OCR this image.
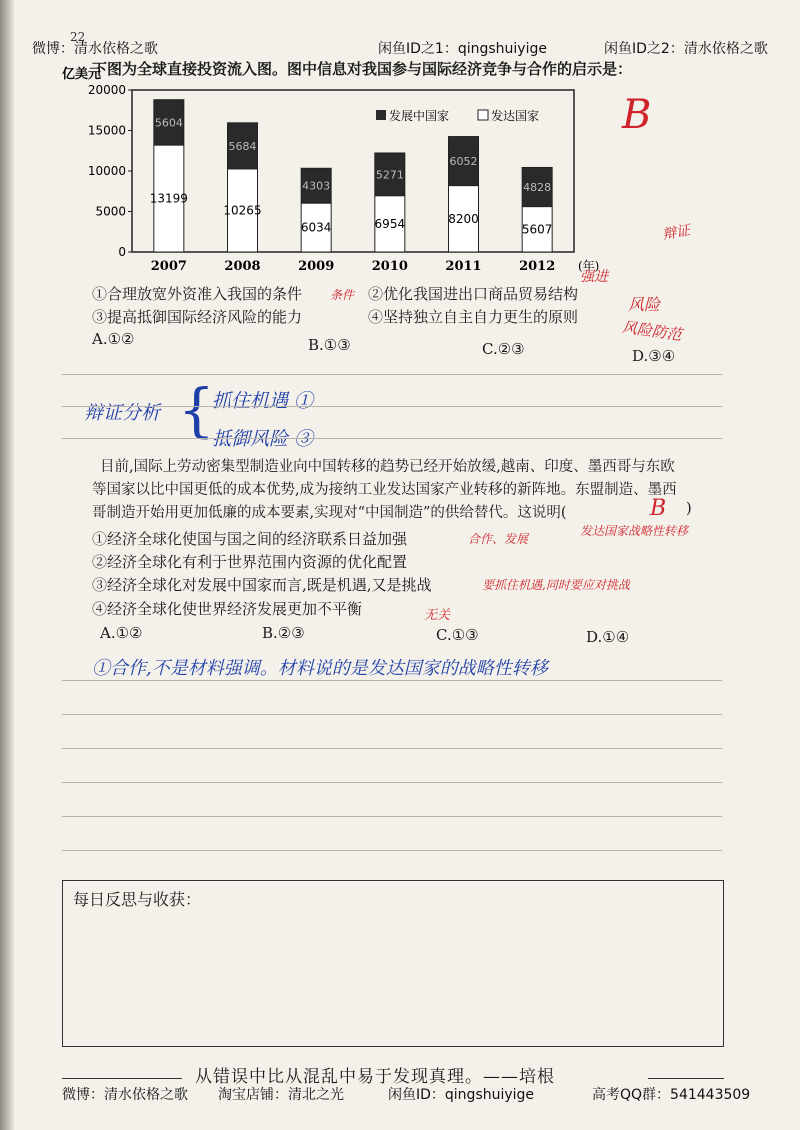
微博：清水依格之歌	闲鱼ID之1：qingshuiyige	闲鱼ID之2：清水依格之歌
22
下图为全球直接投资流入图。图中信息对我国参与国际经济竞争与合作的启示是：
亿美元
0
5000
10000
15000
20000
13199
5604
10265
5684
6034
4303
6954
5271
8200
6052
5607
4828
2007	2008	2009	2010	2011	2012 (年)
发展中国家	发达国家
①合理放宽外资准入我国的条件	②优化我国进出口商品贸易结构
③提高抵御国际经济风险的能力	④坚持独立自主自力更生的原则
A.①②	B.①③	C.②③	D.③④
B
辩证
条件
强进
风险
风险防范
辩证分析 {
抓住机遇 ①
抵御风险 ③
目前,国际上劳动密集型制造业向中国转移的趋势已经开始放缓,越南、印度、墨西哥与东欧
等国家以比中国更低的成本优势,成为接纳工业发达国家产业转移的新阵地。东盟制造、墨西
哥制造开始用更加低廉的成本要素,实现对“中国制造”的供给替代。这说明(	B )
①经济全球化使国与国之间的经济联系日益加强
②经济全球化有利于世界范围内资源的优化配置
③经济全球化对发展中国家而言,既是机遇,又是挑战
④经济全球化使世界经济发展更加不平衡
合作、发展
发达国家战略性转移
要抓住机遇,同时要应对挑战
无关
A.①②	B.②③	C.①③	D.①④
①合作,不是材料强调。材料说的是发达国家的战略性转移
每日反思与收获：
从错误中比从混乱中易于发现真理。——培根
微博：清水依格之歌 淘宝店铺：清北之光	闲鱼ID：qingshuiyige	高考QQ群：541443509
